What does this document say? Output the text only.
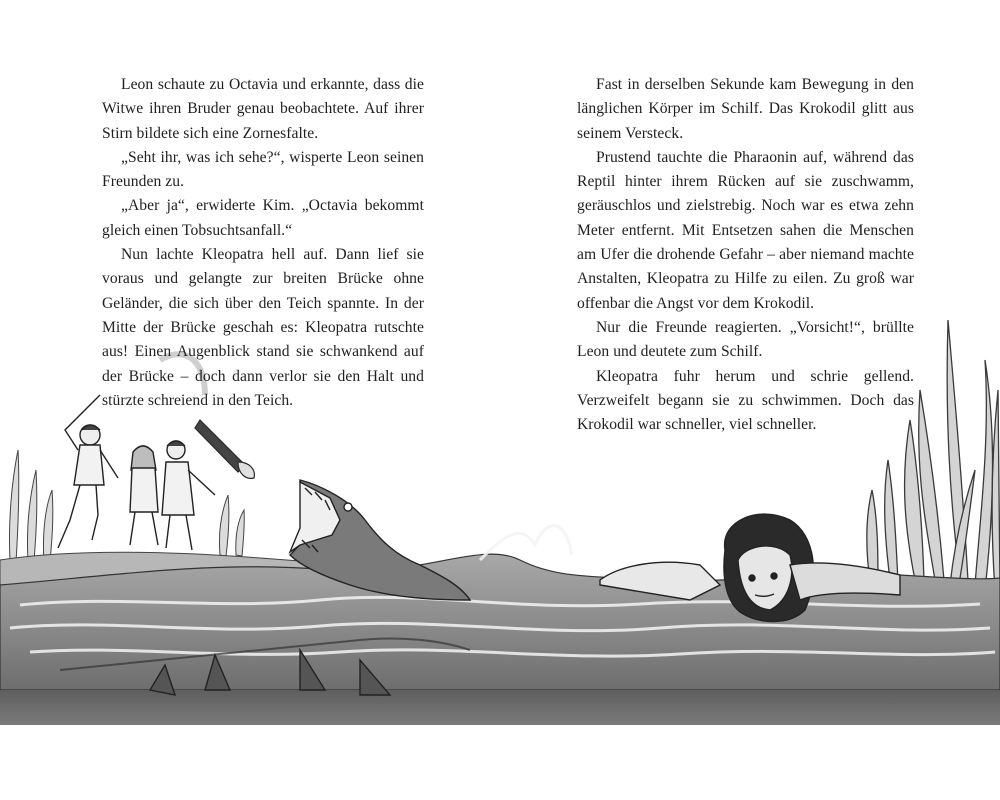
Leon schaute zu Octavia und erkannte, dass die Witwe ihren Bruder genau beobachtete. Auf ihrer Stirn bildete sich eine Zornesfalte.

„Seht ihr, was ich sehe?“, wisperte Leon seinen Freunden zu.

„Aber ja“, erwiderte Kim. „Octavia bekommt gleich einen Tobsuchtsanfall.“

Nun lachte Kleopatra hell auf. Dann lief sie voraus und gelangte zur breiten Brücke ohne Geländer, die sich über den Teich spannte. In der Mitte der Brücke geschah es: Kleopatra rutschte aus! Einen Augenblick stand sie schwankend auf der Brücke – doch dann verlor sie den Halt und stürzte schreiend in den Teich.

Fast in derselben Sekunde kam Bewegung in den länglichen Körper im Schilf. Das Krokodil glitt aus seinem Versteck.

Prustend tauchte die Pharaonin auf, während das Reptil hinter ihrem Rücken auf sie zuschwamm, geräuschlos und zielstrebig. Noch war es etwa zehn Meter entfernt. Mit Entsetzen sahen die Menschen am Ufer die drohende Gefahr – aber niemand machte Anstalten, Kleopatra zu Hilfe zu eilen. Zu groß war offenbar die Angst vor dem Krokodil.

Nur die Freunde reagierten. „Vorsicht!“, brüllte Leon und deutete zum Schilf.

Kleopatra fuhr herum und schrie gellend. Verzweifelt begann sie zu schwimmen. Doch das Krokodil war schneller, viel schneller.
